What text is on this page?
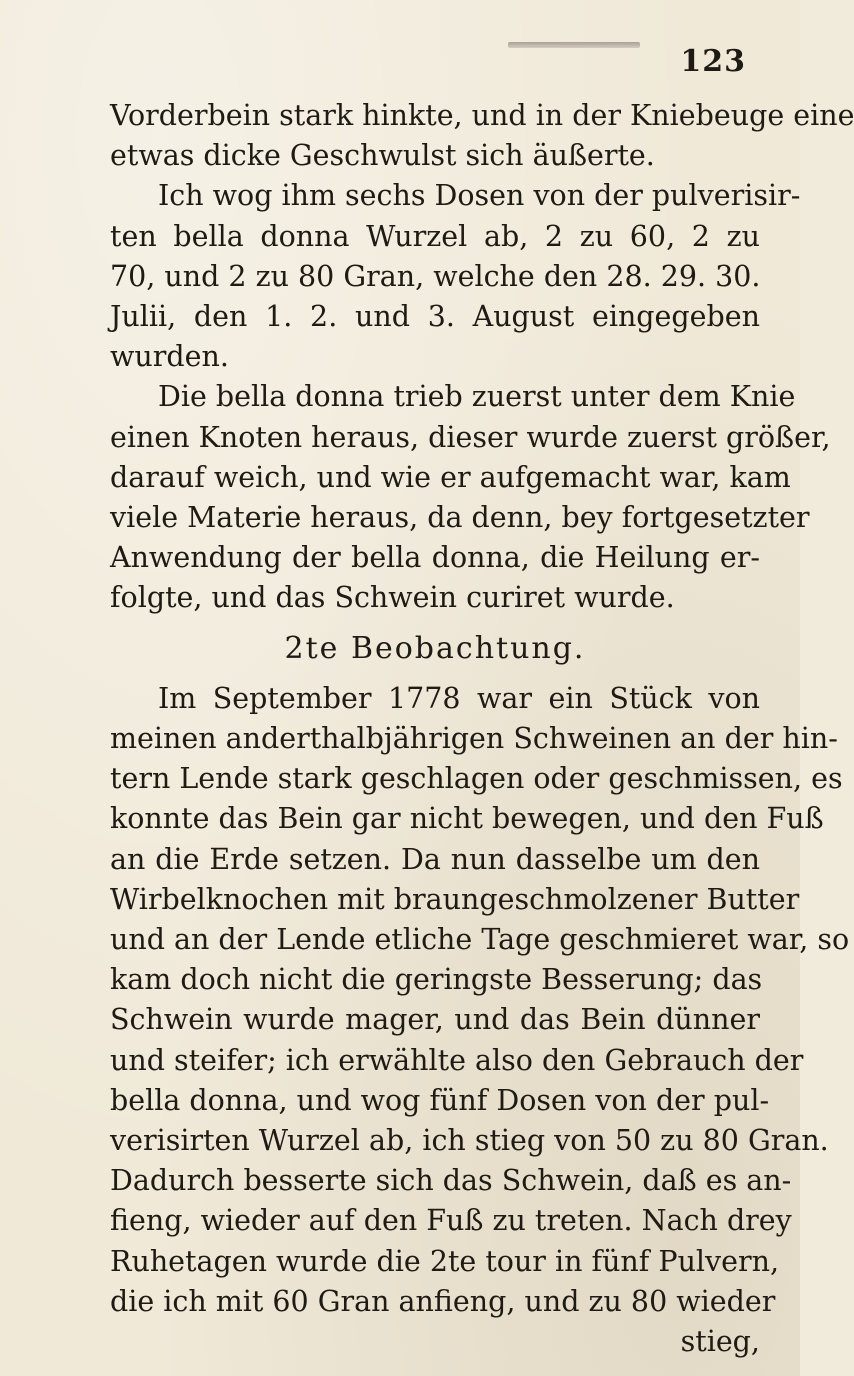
123
Vorderbein stark hinkte, und in der Kniebeuge eine
etwas dicke Geschwulst sich äußerte.
Ich wog ihm sechs Dosen von der pulverisir-
ten bella donna Wurzel ab, 2 zu 60, 2 zu
70, und 2 zu 80 Gran, welche den 28. 29. 30.
Julii, den 1. 2. und 3. August eingegeben
wurden.
Die bella donna trieb zuerst unter dem Knie
einen Knoten heraus, dieser wurde zuerst größer,
darauf weich, und wie er aufgemacht war, kam
viele Materie heraus, da denn, bey fortgesetzter
Anwendung der bella donna, die Heilung er-
folgte, und das Schwein curiret wurde.
2te Beobachtung.
Im September 1778 war ein Stück von
meinen anderthalbjährigen Schweinen an der hin-
tern Lende stark geschlagen oder geschmissen, es
konnte das Bein gar nicht bewegen, und den Fuß
an die Erde setzen. Da nun dasselbe um den
Wirbelknochen mit braungeschmolzener Butter
und an der Lende etliche Tage geschmieret war, so
kam doch nicht die geringste Besserung; das
Schwein wurde mager, und das Bein dünner
und steifer; ich erwählte also den Gebrauch der
bella donna, und wog fünf Dosen von der pul-
verisirten Wurzel ab, ich stieg von 50 zu 80 Gran.
Dadurch besserte sich das Schwein, daß es an-
fieng, wieder auf den Fuß zu treten. Nach drey
Ruhetagen wurde die 2te tour in fünf Pulvern,
die ich mit 60 Gran anfieng, und zu 80 wieder
stieg,
